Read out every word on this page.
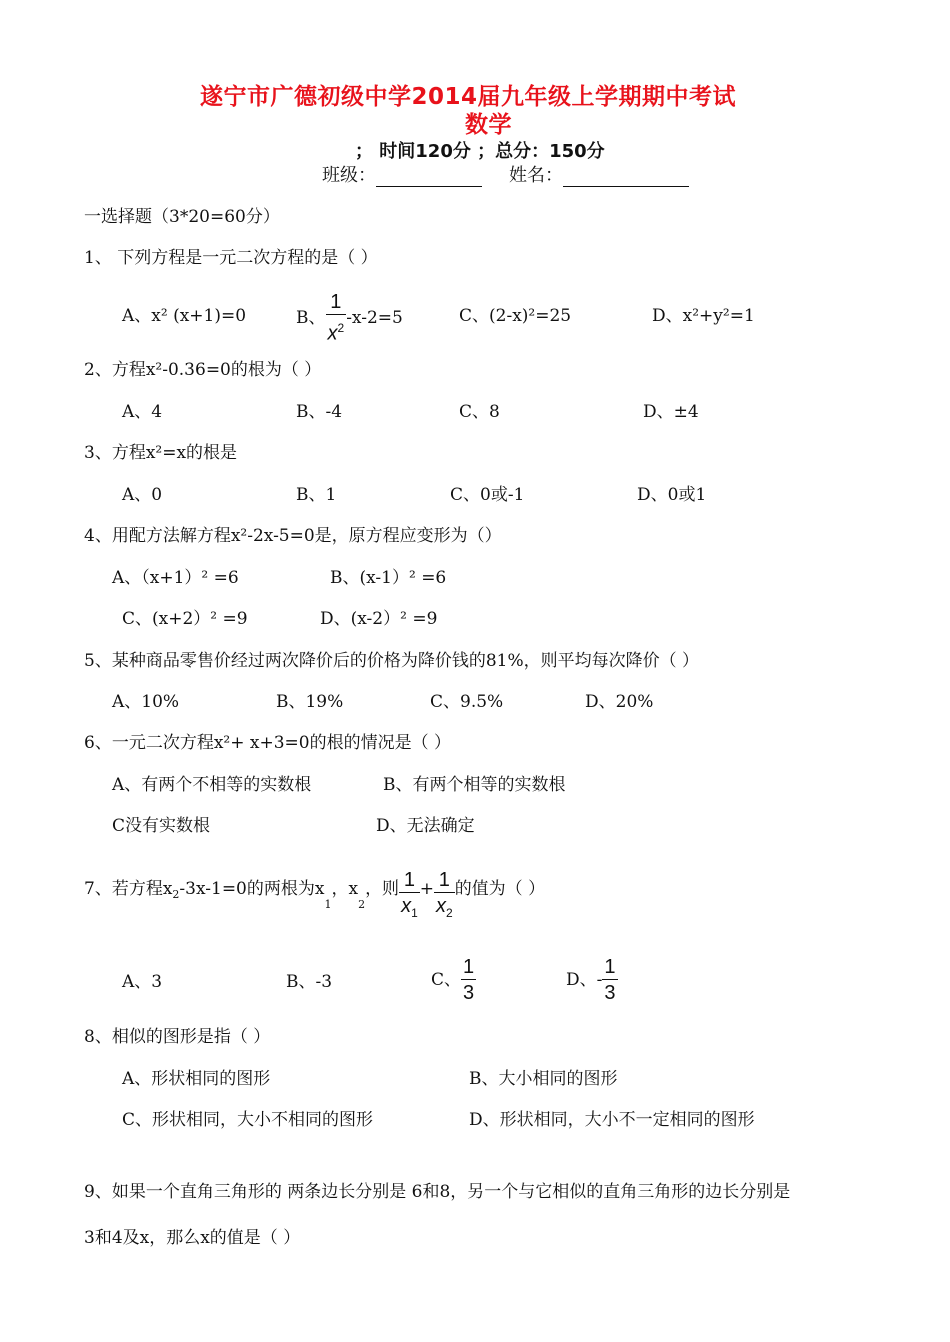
遂宁市广德初级中学2014届九年级上学期期中考试
数学
； 时间120分 ；总分：150分
班级：	姓名：
一选择题（3*20=60分）
1、 下列方程是一元二次方程的是（ ）
A、x² (x+1)=0	B、 $\frac{1}{x^2} -x-2=5$	C、(2-x)²=25	D、x²+y²=1
2、方程x²-0.36=0的根为（ ）
A、4	B、-4	C、8	D、±4
3、方程x²=x的根是
A、0	B、1	C、0或-1	D、0或1
4、用配方法解方程x²-2x-5=0是，原方程应变形为（）
A、（x+1）² =6	B、(x-1）² =6
C、(x+2）² =9	D、(x-2）² =9
5、某种商品零售价经过两次降价后的价格为降价钱的81%，则平均每次降价（ ）
A、10%	B、19%	C、9.5%	D、20%
6、一元二次方程x²+ x+3=0的根的情况是（ ）
A、有两个不相等的实数根	B、有两个相等的实数根
C没有实数根	D、无法确定
7、若方程$x_2-3x-1=0$的两根为$x_1$，$x_2$，则 $\frac{1}{x_1} + \frac{1}{x_2}$ 的值为（ ）
A、3	B、-3	C、 $\frac{1}{3}$	D、- $\frac{1}{3}$
8、相似的图形是指（ ）
A、形状相同的图形	B、大小相同的图形
C、形状相同，大小不相同的图形	D、形状相同，大小不一定相同的图形
9、如果一个直角三角形的 两条边长分别是 6和8，另一个与它相似的直角三角形的边长分别是
3和4及x，那么x的值是（ ）
